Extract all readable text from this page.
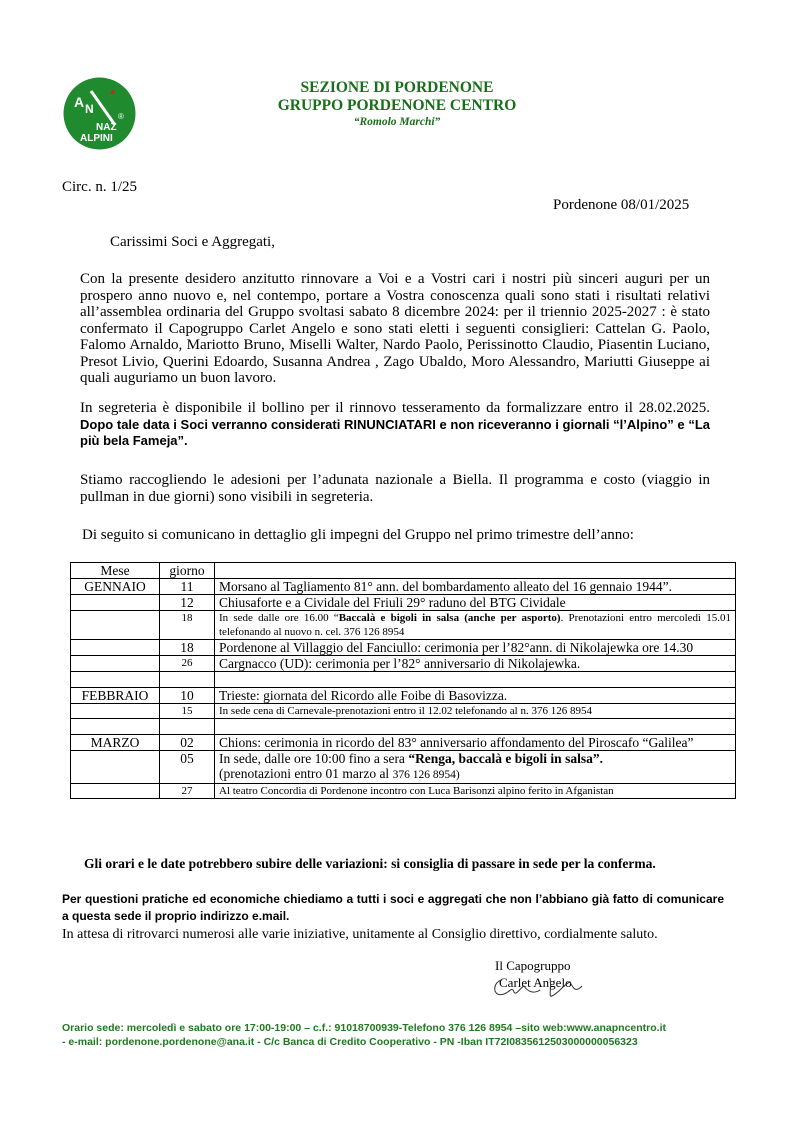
A N
NAZ
ALPINI
®
SEZIONE DI PORDENONE
GRUPPO PORDENONE CENTRO
“Romolo Marchi”
Circ. n. 1/25
Pordenone 08/01/2025
Carissimi Soci e Aggregati,
Con la presente desidero anzitutto rinnovare a Voi e a Vostri cari i nostri più sinceri auguri per un prospero anno nuovo e, nel contempo, portare a Vostra conoscenza quali sono stati i risultati relativi all’assemblea ordinaria del Gruppo svoltasi sabato 8 dicembre 2024: per il triennio 2025-2027 : è stato confermato il Capogruppo Carlet Angelo e sono stati eletti i seguenti consiglieri: Cattelan G. Paolo, Falomo Arnaldo, Mariotto Bruno, Miselli Walter, Nardo Paolo, Perissinotto Claudio, Piasentin Luciano, Presot Livio, Querini Edoardo, Susanna Andrea , Zago Ubaldo, Moro Alessandro, Mariutti Giuseppe ai quali auguriamo un buon lavoro.
In segreteria è disponibile il bollino per il rinnovo tesseramento da formalizzare entro il 28.02.2025. Dopo tale data i Soci verranno considerati RINUNCIATARI e non riceveranno i giornali “l’Alpino” e “La più bela Fameja”.
Stiamo raccogliendo le adesioni per l’adunata nazionale a Biella. Il programma e costo (viaggio in pullman in due giorni) sono visibili in segreteria.
Di seguito si comunicano in dettaglio gli impegni del Gruppo nel primo trimestre dell’anno:
Mese	giorno	
GENNAIO	11	Morsano al Tagliamento 81° ann. del bombardamento alleato del 16 gennaio 1944”.
	12	Chiusaforte e a Cividale del Friuli 29° raduno del BTG Cividale
	18	In sede dalle ore 16.00 “Baccalà e bigoli in salsa (anche per asporto). Prenotazioni entro mercoledì 15.01 telefonando al nuovo n. cel. 376 126 8954
	18	Pordenone al Villaggio del Fanciullo: cerimonia per l’82°ann. di Nikolajewka ore 14.30
	26	Cargnacco (UD): cerimonia per l’82° anniversario di Nikolajewka.

FEBBRAIO	10	Trieste: giornata del Ricordo alle Foibe di Basovizza.
	15	In sede cena di Carnevale-prenotazioni entro il 12.02 telefonando al n. 376 126 8954

MARZO	02	Chions: cerimonia in ricordo del 83° anniversario affondamento del Piroscafo “Galilea”
	05	In sede, dalle ore 10:00 fino a sera “Renga, baccalà e bigoli in salsa”.
(prenotazioni entro 01 marzo al 376 126 8954)
	27	Al teatro Concordia di Pordenone incontro con Luca Barisonzi alpino ferito in Afganistan
Gli orari e le date potrebbero subire delle variazioni: si consiglia di passare in sede per la conferma.
Per questioni pratiche ed economiche chiediamo a tutti i soci e aggregati che non l’abbiano già fatto di comunicare a questa sede il proprio indirizzo e.mail.
In attesa di ritrovarci numerosi alle varie iniziative, unitamente al Consiglio direttivo, cordialmente saluto.
Il Capogruppo
Carlet Angelo
Orario sede: mercoledì e sabato ore 17:00-19:00 – c.f.: 91018700939-Telefono 376 126 8954 –sito web:www.anapncentro.it
- e-mail: pordenone.pordenone@ana.it - C/c Banca di Credito Cooperativo - PN -Iban IT72I0835612503000000056323
